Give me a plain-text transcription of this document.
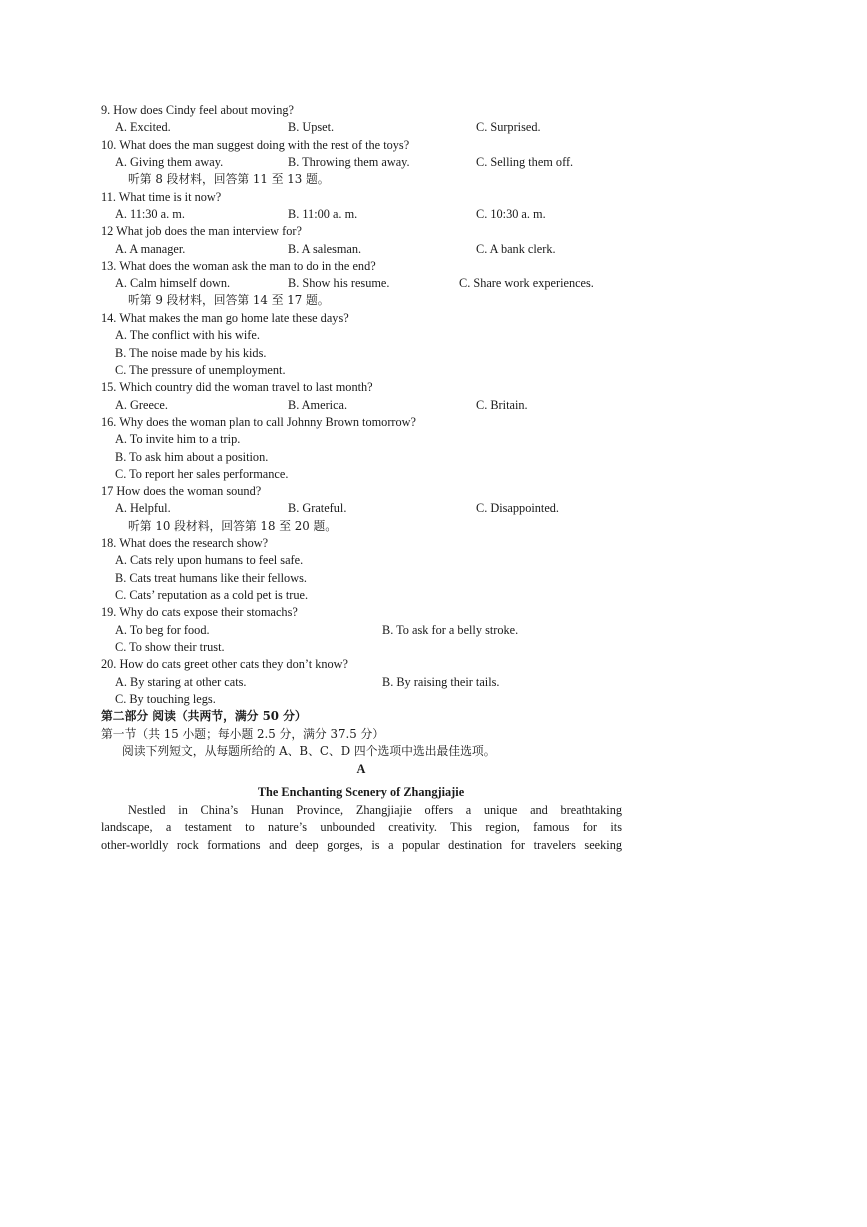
9. How does Cindy feel about moving?
A. Excited.	B. Upset.	C. Surprised.
10. What does the man suggest doing with the rest of the toys?
A. Giving them away.	B. Throwing them away.	C. Selling them off.
听第 8 段材料，回答第 11 至 13 题。
11. What time is it now?
A. 11:30 a. m.	B. 11:00 a. m.	C. 10:30 a. m.
12 What job does the man interview for?
A. A manager.	B. A salesman.	C. A bank clerk.
13. What does the woman ask the man to do in the end?
A. Calm himself down.	B. Show his resume.	C. Share work experiences.
听第 9 段材料，回答第 14 至 17 题。
14. What makes the man go home late these days?
A. The conflict with his wife.
B. The noise made by his kids.
C. The pressure of unemployment.
15. Which country did the woman travel to last month?
A. Greece.	B. America.	C. Britain.
16. Why does the woman plan to call Johnny Brown tomorrow?
A. To invite him to a trip.
B. To ask him about a position.
C. To report her sales performance.
17 How does the woman sound?
A. Helpful.	B. Grateful.	C. Disappointed.
听第 10 段材料，回答第 18 至 20 题。
18. What does the research show?
A. Cats rely upon humans to feel safe.
B. Cats treat humans like their fellows.
C. Cats’ reputation as a cold pet is true.
19. Why do cats expose their stomachs?
A. To beg for food.	B. To ask for a belly stroke.
C. To show their trust.
20. How do cats greet other cats they don’t know?
A. By staring at other cats.	B. By raising their tails.
C. By touching legs.
第二部分 阅读（共两节，满分 50 分）
第一节（共 15 小题；每小题 2.5 分，满分 37.5 分）
阅读下列短文，从每题所给的 A、B、C、D 四个选项中选出最佳选项。
A
The Enchanting Scenery of Zhangjiajie
Nestled in China’s Hunan Province, Zhangjiajie offers a unique and breathtaking
landscape, a testament to nature’s unbounded creativity. This region, famous for its
other-worldly rock formations and deep gorges, is a popular destination for travelers seeking
